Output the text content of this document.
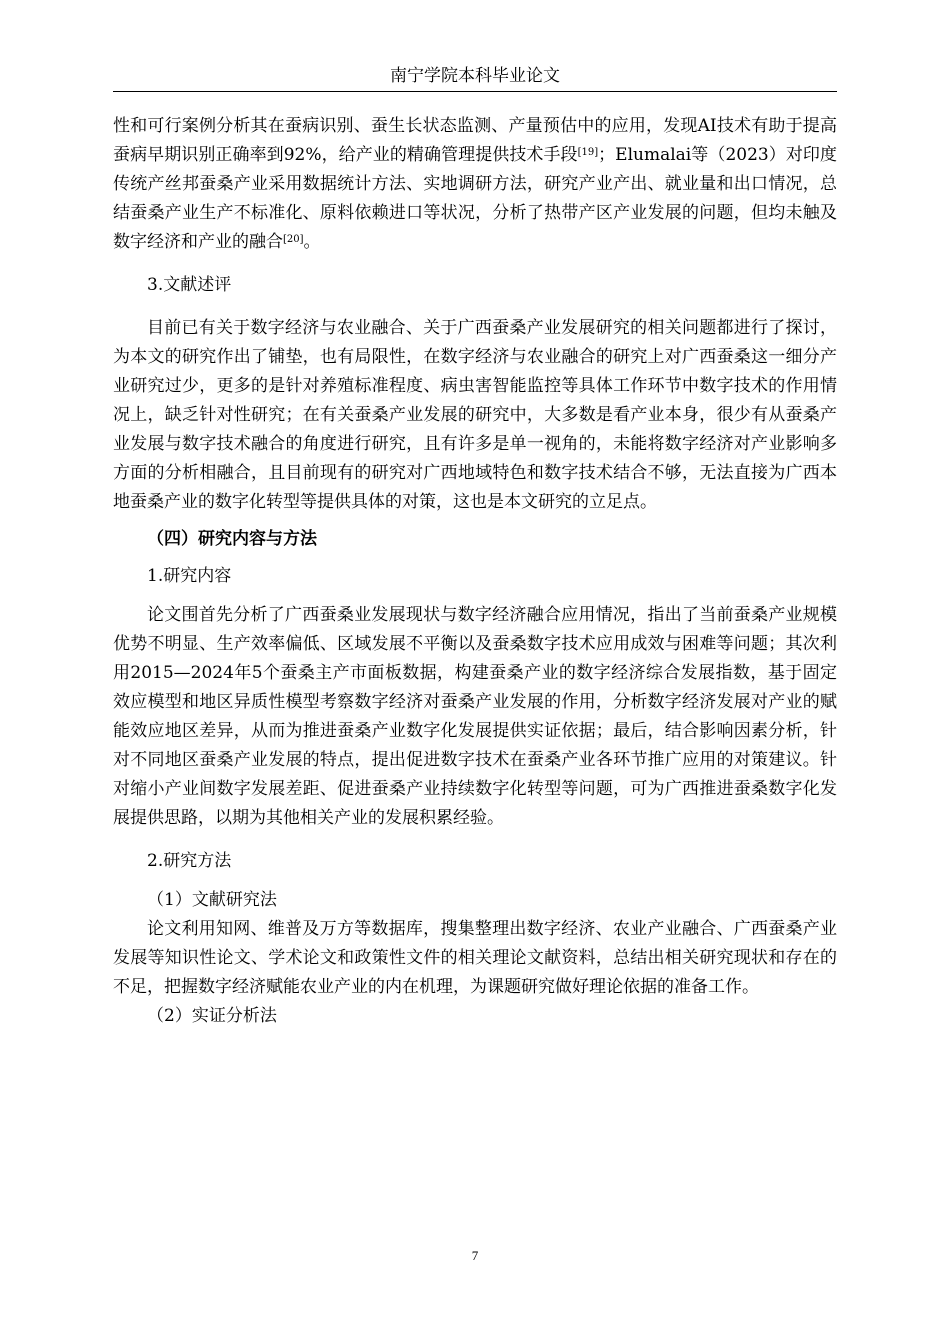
南宁学院本科毕业论文

性和可行案例分析其在蚕病识别、蚕生长状态监测、产量预估中的应用，发现AI技术有助于提高蚕病早期识别正确率到92%，给产业的精确管理提供技术手段[19]；Elumalai等（2023）对印度传统产丝邦蚕桑产业采用数据统计方法、实地调研方法，研究产业产出、就业量和出口情况，总结蚕桑产业生产不标准化、原料依赖进口等状况，分析了热带产区产业发展的问题，但均未触及数字经济和产业的融合[20]。

3.文献述评

目前已有关于数字经济与农业融合、关于广西蚕桑产业发展研究的相关问题都进行了探讨，为本文的研究作出了铺垫，也有局限性，在数字经济与农业融合的研究上对广西蚕桑这一细分产业研究过少，更多的是针对养殖标准程度、病虫害智能监控等具体工作环节中数字技术的作用情况上，缺乏针对性研究；在有关蚕桑产业发展的研究中，大多数是看产业本身，很少有从蚕桑产业发展与数字技术融合的角度进行研究，且有许多是单一视角的，未能将数字经济对产业影响多方面的分析相融合，且目前现有的研究对广西地域特色和数字技术结合不够，无法直接为广西本地蚕桑产业的数字化转型等提供具体的对策，这也是本文研究的立足点。

（四）研究内容与方法

1.研究内容

论文围首先分析了广西蚕桑业发展现状与数字经济融合应用情况，指出了当前蚕桑产业规模优势不明显、生产效率偏低、区域发展不平衡以及蚕桑数字技术应用成效与困难等问题；其次利用2015—2024年5个蚕桑主产市面板数据，构建蚕桑产业的数字经济综合发展指数，基于固定效应模型和地区异质性模型考察数字经济对蚕桑产业发展的作用，分析数字经济发展对产业的赋能效应地区差异，从而为推进蚕桑产业数字化发展提供实证依据；最后，结合影响因素分析，针对不同地区蚕桑产业发展的特点，提出促进数字技术在蚕桑产业各环节推广应用的对策建议。针对缩小产业间数字发展差距、促进蚕桑产业持续数字化转型等问题，可为广西推进蚕桑数字化发展提供思路，以期为其他相关产业的发展积累经验。

2.研究方法

（1）文献研究法

论文利用知网、维普及万方等数据库，搜集整理出数字经济、农业产业融合、广西蚕桑产业发展等知识性论文、学术论文和政策性文件的相关理论文献资料，总结出相关研究现状和存在的不足，把握数字经济赋能农业产业的内在机理，为课题研究做好理论依据的准备工作。

（2）实证分析法

7
